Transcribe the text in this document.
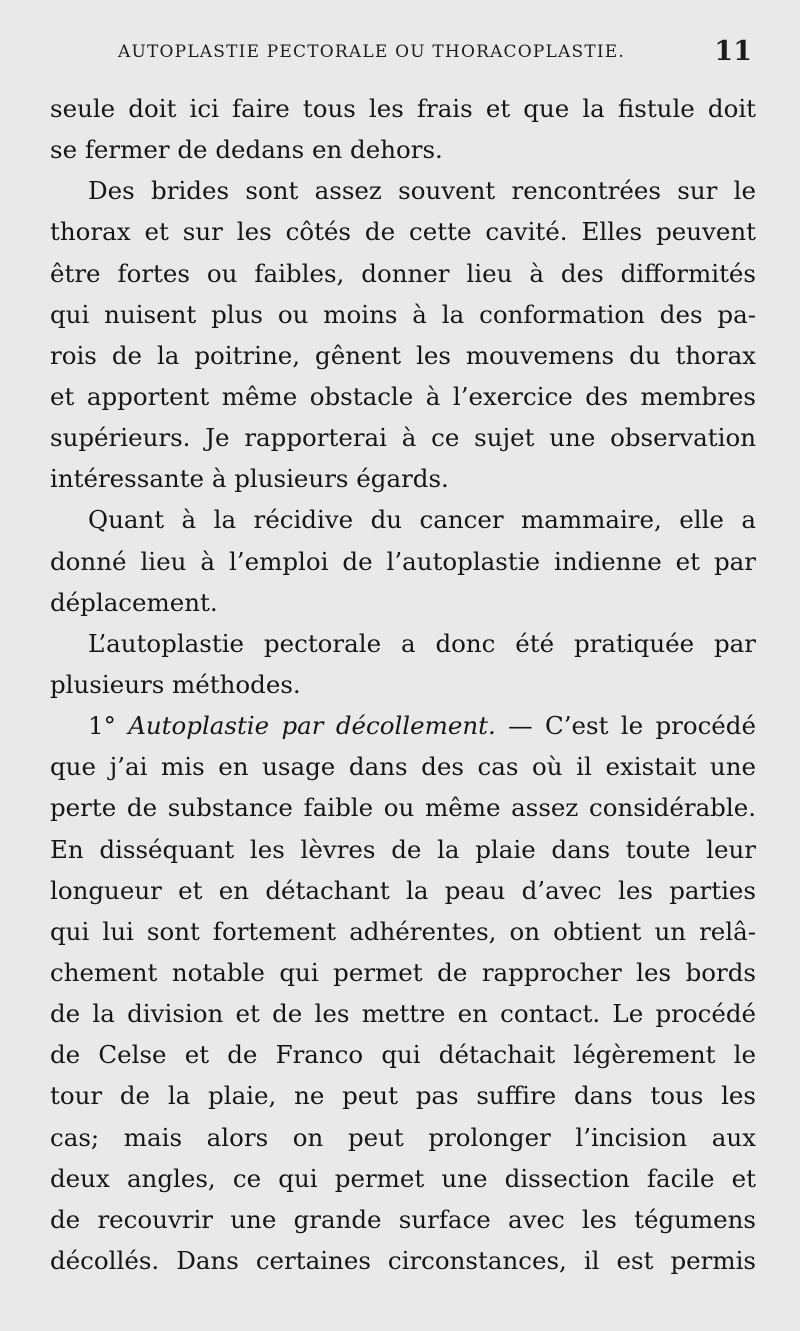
AUTOPLASTIE PECTORALE OU THORACOPLASTIE.	11
seule doit ici faire tous les frais et que la fistule doit
se fermer de dedans en dehors.
Des brides sont assez souvent rencontrées sur le
thorax et sur les côtés de cette cavité. Elles peuvent
être fortes ou faibles, donner lieu à des difformités
qui nuisent plus ou moins à la conformation des pa-
rois de la poitrine, gênent les mouvemens du thorax
et apportent même obstacle à l’exercice des membres
supérieurs. Je rapporterai à ce sujet une observation
intéressante à plusieurs égards.
Quant à la récidive du cancer mammaire, elle a
donné lieu à l’emploi de l’autoplastie indienne et par
déplacement.
L’autoplastie pectorale a donc été pratiquée par
plusieurs méthodes.
1° Autoplastie par décollement. — C’est le procédé
que j’ai mis en usage dans des cas où il existait une
perte de substance faible ou même assez considérable.
En disséquant les lèvres de la plaie dans toute leur
longueur et en détachant la peau d’avec les parties
qui lui sont fortement adhérentes, on obtient un relâ-
chement notable qui permet de rapprocher les bords
de la division et de les mettre en contact. Le procédé
de Celse et de Franco qui détachait légèrement le
tour de la plaie, ne peut pas suffire dans tous les
cas; mais alors on peut prolonger l’incision aux
deux angles, ce qui permet une dissection facile et
de recouvrir une grande surface avec les tégumens
décollés. Dans certaines circonstances, il est permis
